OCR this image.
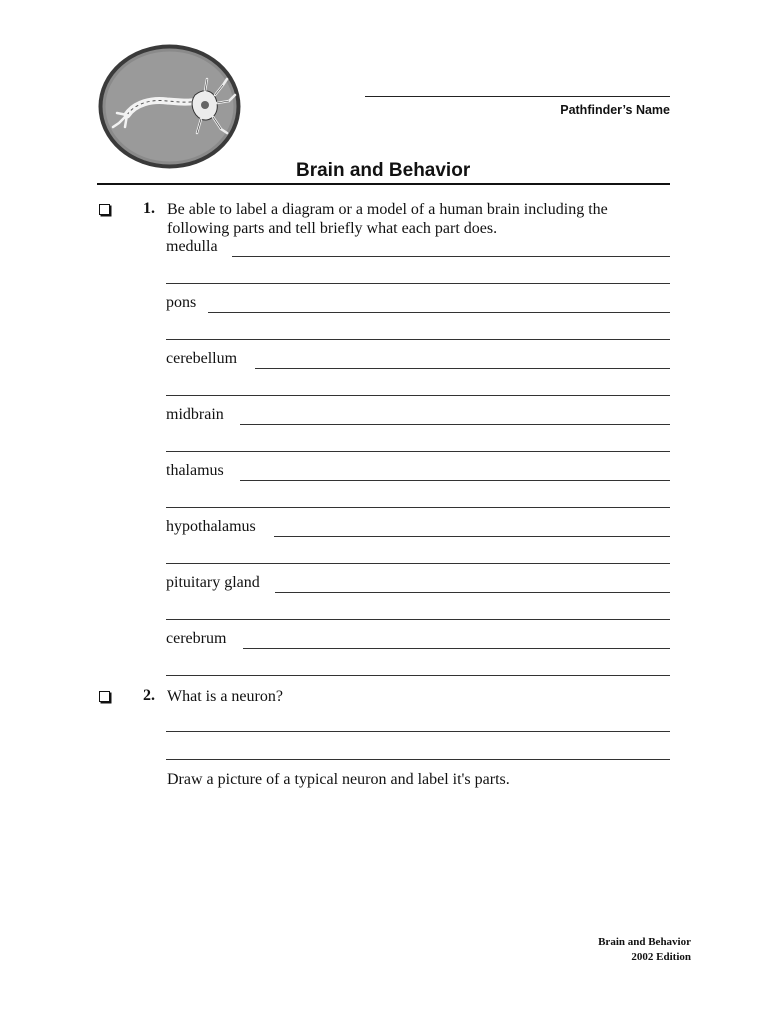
Pathfinder’s Name
Brain and Behavior
1. Be able to label a diagram or a model of a human brain including the
following parts and tell briefly what each part does.
medulla
pons
cerebellum
midbrain
thalamus
hypothalamus
pituitary gland
cerebrum
2. What is a neuron?
Draw a picture of a typical neuron and label it's parts.
Brain and Behavior
2002 Edition
